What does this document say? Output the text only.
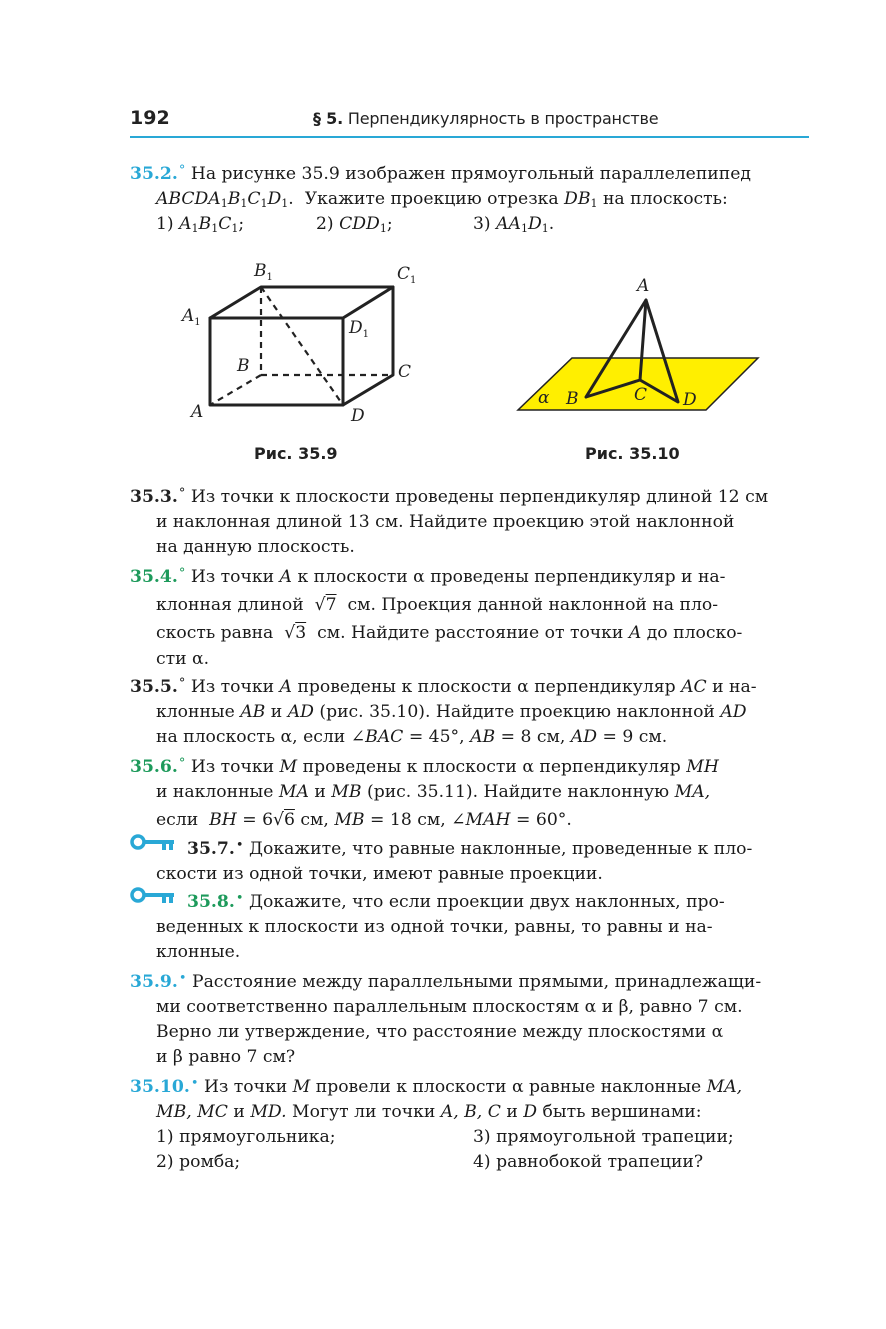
192	§ 5. Перпендикулярность в пространстве
35.2.° На рисунке 35.9 изображен прямоугольный параллелепипед
$ABCDA_1B_1C_1D_1$. Укажите проекцию отрезка $DB_1$ на плоскость:
1) $A_1B_1C_1$;	2) $CDD_1$;	3) $AA_1D_1$.
$B_1$	$C_1$
$A_1$	$D_1$
B	C
A	D
Рис. 35.9
A
B	C D
α
Рис. 35.10
35.3.° Из точки к плоскости проведены перпендикуляр длиной 12 см
и наклонная длиной 13 см. Найдите проекцию этой наклонной
на данную плоскость.
35.4.° Из точки A к плоскости α проведены перпендикуляр и на-
клонная длиной  √7 см. Проекция данной наклонной на пло-
скость равна  √3 см. Найдите расстояние от точки A до плоско-
сти α.
35.5.° Из точки A проведены к плоскости α перпендикуляр AC и на-
клонные AB и AD (рис. 35.10). Найдите проекцию наклонной AD
на плоскость α, если ∠BAC = 45°, AB = 8 см, AD = 9 см.
35.6.° Из точки M проведены к плоскости α перпендикуляр MH
и наклонные MA и MB (рис. 35.11). Найдите наклонную MA,
если BH = 6√6 см, MB = 18 см, ∠MAH = 60°.
35.7.• Докажите, что равные наклонные, проведенные к пло-
скости из одной точки, имеют равные проекции.
35.8.• Докажите, что если проекции двух наклонных, про-
веденных к плоскости из одной точки, равны, то равны и на-
клонные.
35.9.• Расстояние между параллельными прямыми, принадлежащи-
ми соответственно параллельным плоскостям α и β, равно 7 см.
Верно ли утверждение, что расстояние между плоскостями α
и β равно 7 см?
35.10.• Из точки M провели к плоскости α равные наклонные MA,
MB, MC и MD. Могут ли точки A, B, C и D быть вершинами:
1) прямоугольника;	3) прямоугольной трапеции;
2) ромба;	4) равнобокой трапеции?
